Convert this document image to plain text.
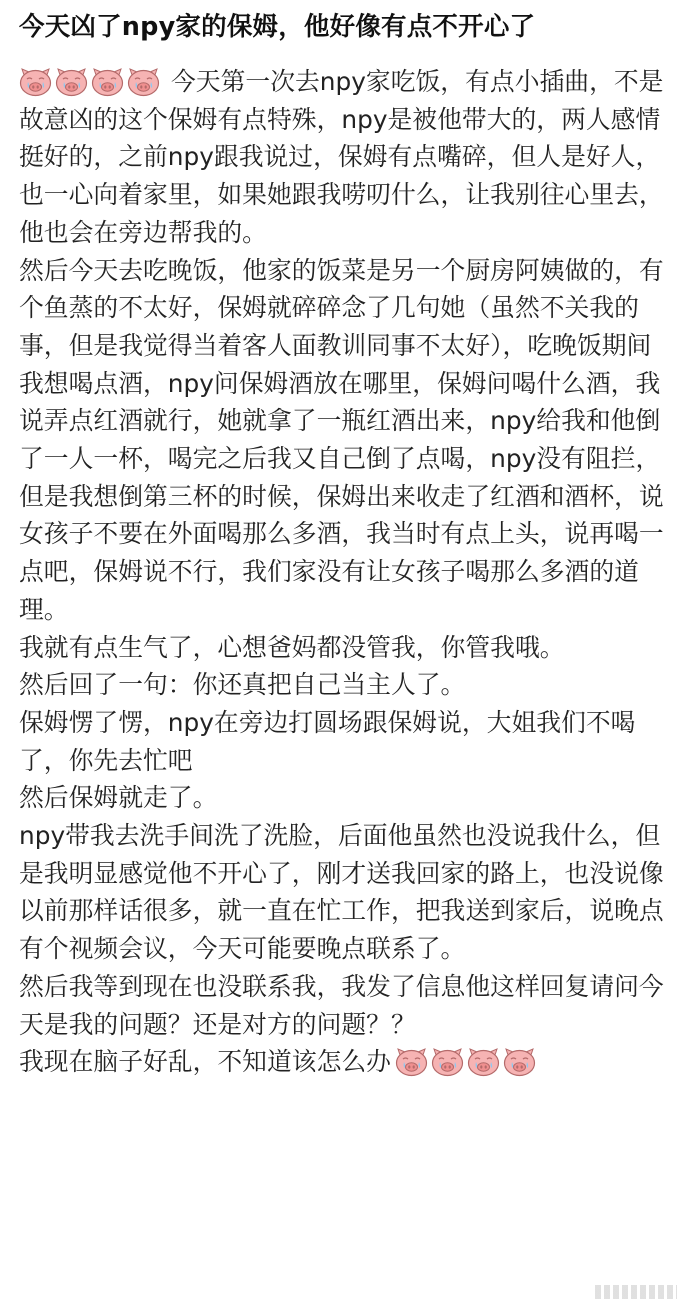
今天凶了npy家的保姆，他好像有点不开心了

今天第一次去npy家吃饭，有点小插曲，不是故意凶的这个保姆有点特殊，npy是被他带大的，两人感情挺好的，之前npy跟我说过，保姆有点嘴碎，但人是好人，也一心向着家里，如果她跟我唠叨什么，让我别往心里去，他也会在旁边帮我的。

然后今天去吃晚饭，他家的饭菜是另一个厨房阿姨做的，有个鱼蒸的不太好，保姆就碎碎念了几句她（虽然不关我的事，但是我觉得当着客人面教训同事不太好），吃晚饭期间我想喝点酒，npy问保姆酒放在哪里，保姆问喝什么酒，我说弄点红酒就行，她就拿了一瓶红酒出来，npy给我和他倒了一人一杯，喝完之后我又自己倒了点喝，npy没有阻拦，但是我想倒第三杯的时候，保姆出来收走了红酒和酒杯，说女孩子不要在外面喝那么多酒，我当时有点上头，说再喝一点吧，保姆说不行，我们家没有让女孩子喝那么多酒的道理。

我就有点生气了，心想爸妈都没管我，你管我哦。

然后回了一句：你还真把自己当主人了。

保姆愣了愣，npy在旁边打圆场跟保姆说，大姐我们不喝了，你先去忙吧

然后保姆就走了。

npy带我去洗手间洗了洗脸，后面他虽然也没说我什么，但是我明显感觉他不开心了，刚才送我回家的路上，也没说像以前那样话很多，就一直在忙工作，把我送到家后，说晚点有个视频会议，今天可能要晚点联系了。

然后我等到现在也没联系我，我发了信息他这样回复请问今天是我的问题？还是对方的问题？？

我现在脑子好乱，不知道该怎么办
